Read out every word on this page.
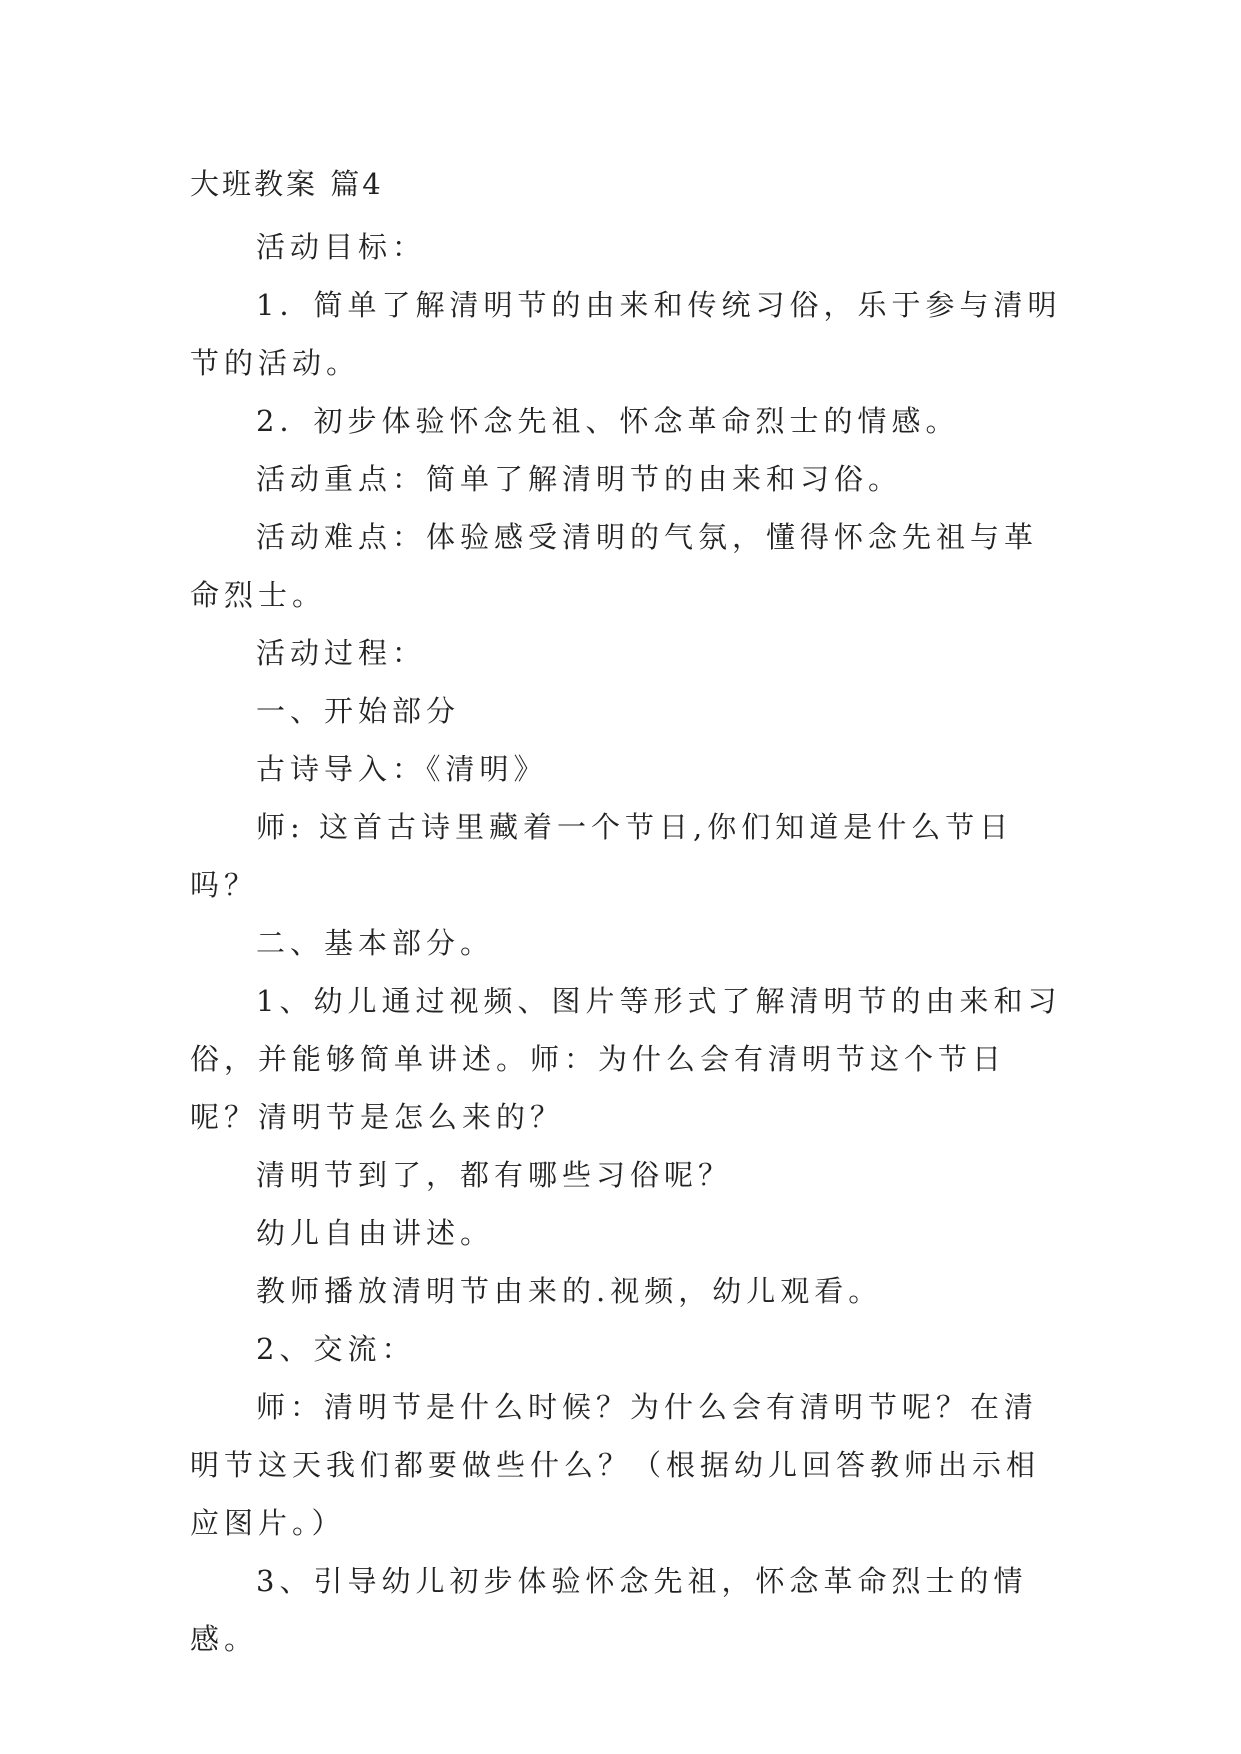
大班教案 篇4

活动目标：

1．简单了解清明节的由来和传统习俗，乐于参与清明节的活动。

2．初步体验怀念先祖、怀念革命烈士的情感。

活动重点：简单了解清明节的由来和习俗。

活动难点：体验感受清明的气氛，懂得怀念先祖与革命烈士。

活动过程：

一、开始部分

古诗导入：《清明》

师: 这首古诗里藏着一个节日,你们知道是什么节日吗？

二、基本部分。

1、幼儿通过视频、图片等形式了解清明节的由来和习俗，并能够简单讲述。师：为什么会有清明节这个节日呢？清明节是怎么来的？

清明节到了，都有哪些习俗呢？

幼儿自由讲述。

教师播放清明节由来的.视频，幼儿观看。

2、交流：

师：清明节是什么时候？为什么会有清明节呢？在清明节这天我们都要做些什么？（根据幼儿回答教师出示相应图片。）

3、引导幼儿初步体验怀念先祖，怀念革命烈士的情感。
